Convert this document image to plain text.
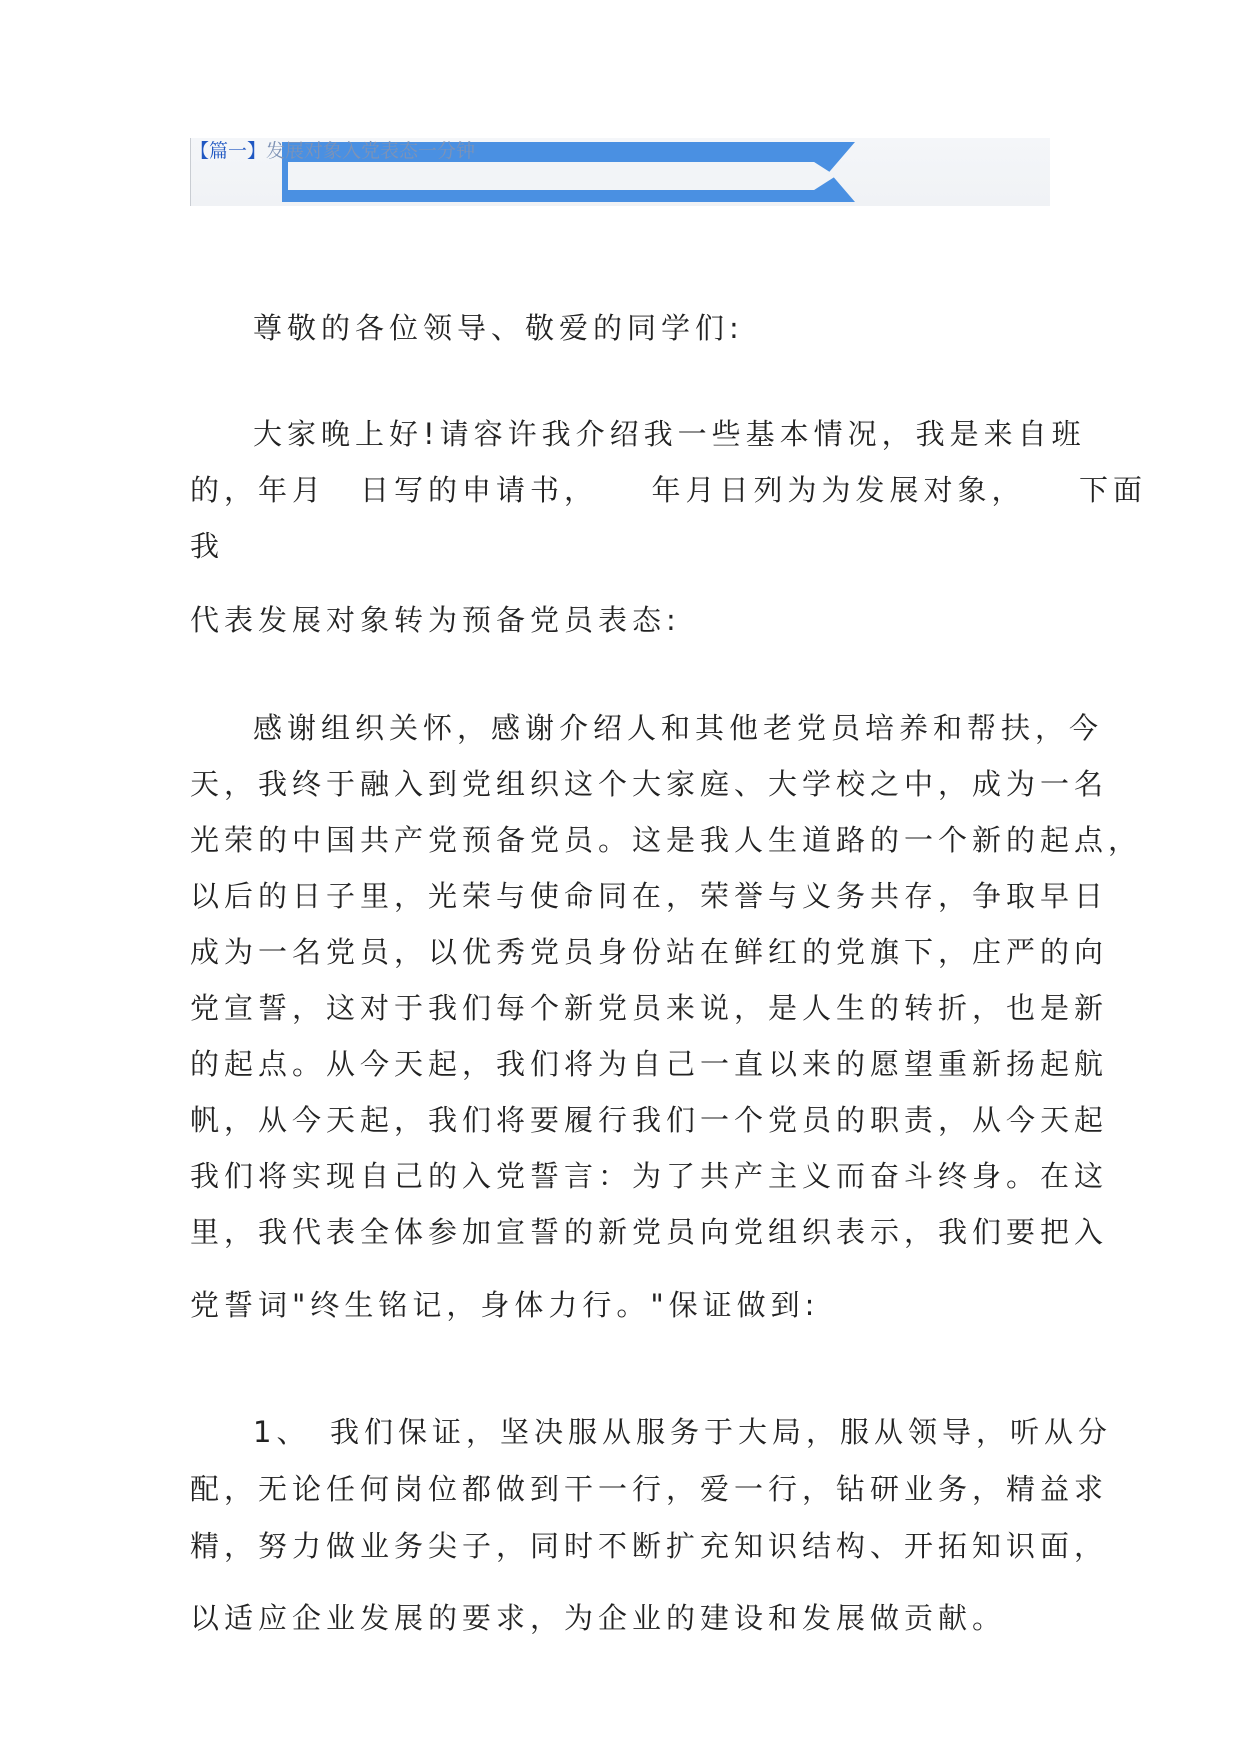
【篇一】发展对象入党表态一分钟
尊敬的各位领导、敬爱的同学们:
大家晚上好!请容许我介绍我一些基本情况，我是来自班
的，年月　日写的申请书，　　年月日列为为发展对象，　　下面
我
代表发展对象转为预备党员表态:
感谢组织关怀，感谢介绍人和其他老党员培养和帮扶，今
天，我终于融入到党组织这个大家庭、大学校之中，成为一名
光荣的中国共产党预备党员。这是我人生道路的一个新的起点，
以后的日子里，光荣与使命同在，荣誉与义务共存，争取早日
成为一名党员，以优秀党员身份站在鲜红的党旗下，庄严的向
党宣誓，这对于我们每个新党员来说，是人生的转折，也是新
的起点。从今天起，我们将为自己一直以来的愿望重新扬起航
帆，从今天起，我们将要履行我们一个党员的职责，从今天起
我们将实现自己的入党誓言：为了共产主义而奋斗终身。在这
里，我代表全体参加宣誓的新党员向党组织表示，我们要把入
党誓词"终生铭记，身体力行。"保证做到:
1、　我们保证，坚决服从服务于大局，服从领导，听从分
配，无论任何岗位都做到干一行，爱一行，钻研业务，精益求
精，努力做业务尖子，同时不断扩充知识结构、开拓知识面，
以适应企业发展的要求，为企业的建设和发展做贡献。
